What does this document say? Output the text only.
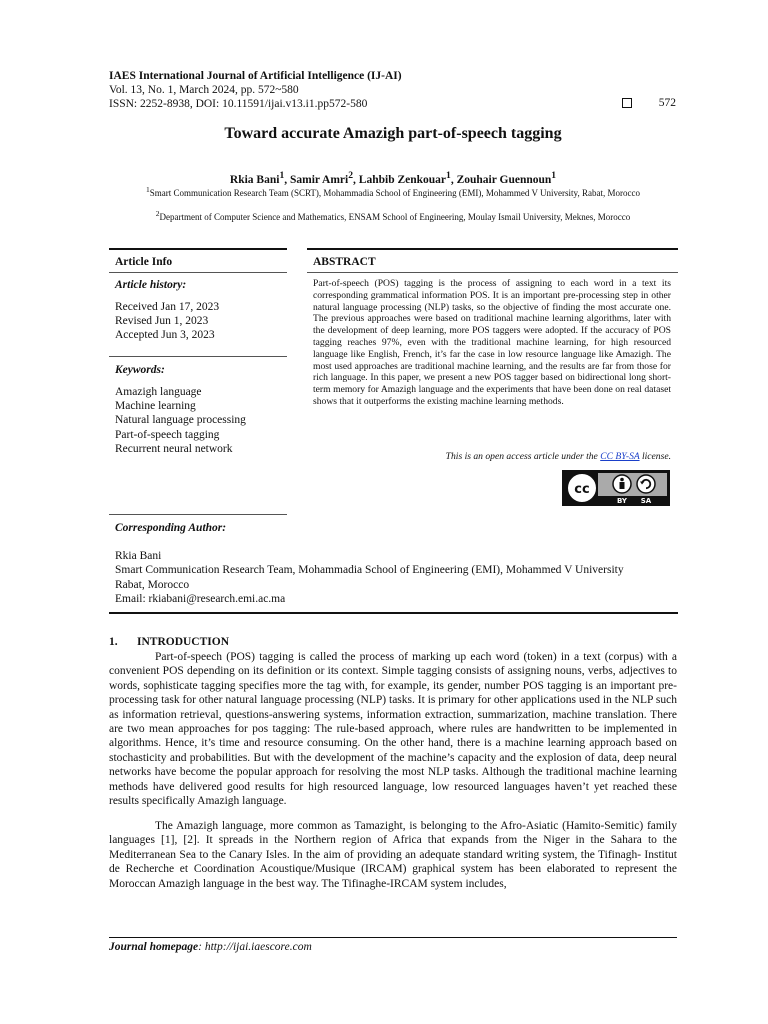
IAES International Journal of Artificial Intelligence (IJ-AI)
Vol. 13, No. 1, March 2024, pp. 572~580
ISSN: 2252-8938, DOI: 10.11591/ijai.v13.i1.pp572-580	572
Toward accurate Amazigh part-of-speech tagging
Rkia Bani$^1$, Samir Amri$^2$, Lahbib Zenkouar$^1$, Zouhair Guennoun$^1$
$^1$Smart Communication Research Team (SCRT), Mohammadia School of Engineering (EMI), Mohammed V University, Rabat, Morocco
$^2$Department of Computer Science and Mathematics, ENSAM School of Engineering, Moulay Ismail University, Meknes, Morocco
Article Info
Article history:
Received Jan 17, 2023
Revised Jun 1, 2023
Accepted Jun 3, 2023
Keywords:
Amazigh language
Machine learning
Natural language processing
Part-of-speech tagging
Recurrent neural network
ABSTRACT
Part-of-speech (POS) tagging is the process of assigning to each word in a text its corresponding grammatical information POS. It is an important pre-processing step in other natural language processing (NLP) tasks, so the objective of finding the most accurate one. The previous approaches were based on traditional machine learning algorithms, later with the development of deep learning, more POS taggers were adopted. If the accuracy of POS tagging reaches 97%, even with the traditional machine learning, for high resourced language like English, French, it’s far the case in low resource language like Amazigh. The most used approaches are traditional machine learning, and the results are far from those for rich language. In this paper, we present a new POS tagger based on bidirectional long short-term memory for Amazigh language and the experiments that have been done on real dataset shows that it outperforms the existing machine learning methods.
This is an open access article under the CC BY-SA license.
cc
BY SA
Corresponding Author:
Rkia Bani
Smart Communication Research Team, Mohammadia School of Engineering (EMI), Mohammed V University
Rabat, Morocco
Email: rkiabani@research.emi.ac.ma
1. INTRODUCTION
Part-of-speech (POS) tagging is called the process of marking up each word (token) in a text (corpus) with a convenient POS depending on its definition or its context. Simple tagging consists of assigning nouns, verbs, adjectives to words, sophisticate tagging specifies more the tag with, for example, its gender, number POS tagging is an important pre-processing task for other natural language processing (NLP) tasks. It is primary for other applications used in the NLP such as information retrieval, questions-answering systems, information extraction, summarization, machine translation. There are two mean approaches for pos tagging: The rule-based approach, where rules are handwritten to be implemented in algorithms. Hence, it’s time and resource consuming. On the other hand, there is a machine learning approach based on stochasticity and probabilities. But with the development of the machine’s capacity and the explosion of data, deep neural networks have become the popular approach for resolving the most NLP tasks. Although the traditional machine learning methods have delivered good results for high resourced language, low resourced languages haven’t yet reached these results specifically Amazigh language.
The Amazigh language, more common as Tamazight, is belonging to the Afro-Asiatic (Hamito-Semitic) family languages [1], [2]. It spreads in the Northern region of Africa that expands from the Niger in the Sahara to the Mediterranean Sea to the Canary Isles. In the aim of providing an adequate standard writing system, the Tifinagh- Institut de Recherche et Coordination Acoustique/Musique (IRCAM) graphical system has been elaborated to represent the Moroccan Amazigh language in the best way. The Tifinaghe-IRCAM system includes,
Journal homepage: http://ijai.iaescore.com
